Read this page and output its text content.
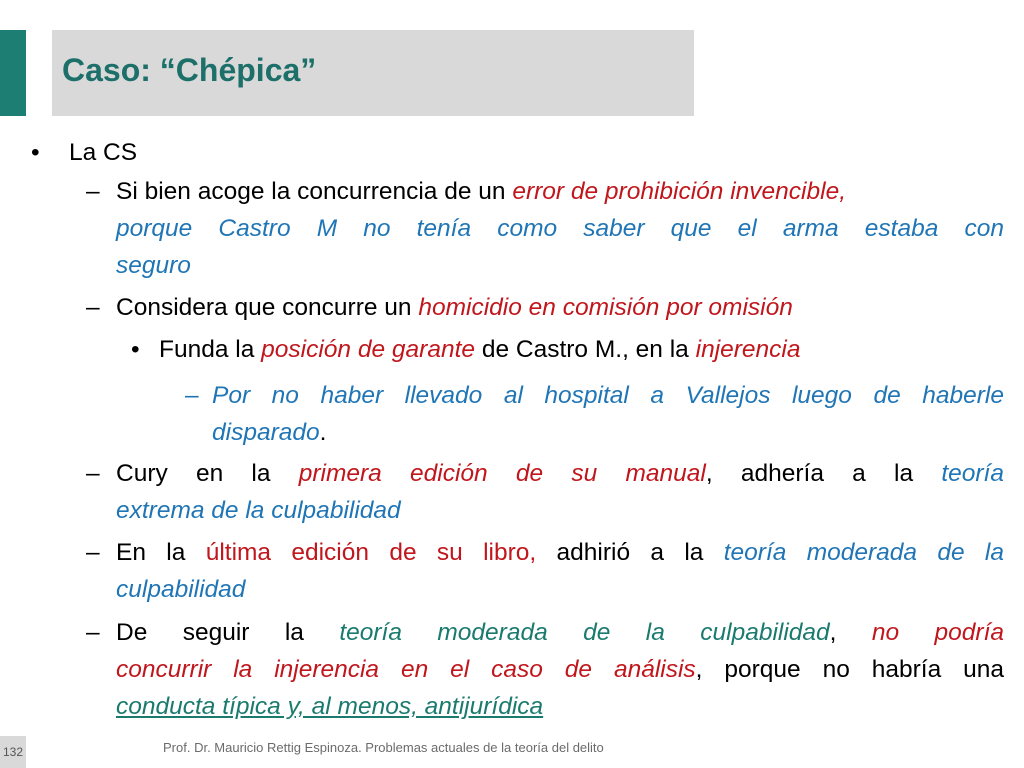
Caso: “Chépica”
• La CS
– Si bien acoge la concurrencia de un error de prohibición invencible,
porque Castro M no tenía como saber que el arma estaba con
seguro
– Considera que concurre un homicidio en comisión por omisión
• Funda la posición de garante de Castro M., en la injerencia
– Por no haber llevado al hospital a Vallejos luego de haberle
disparado.
– Cury en la primera edición de su manual, adhería a la teoría
extrema de la culpabilidad
– En la última edición de su libro, adhirió a la teoría moderada de la
culpabilidad
– De seguir la teoría moderada de la culpabilidad, no podría
concurrir la injerencia en el caso de análisis, porque no habría una
conducta típica y, al menos, antijurídica
132	Prof. Dr. Mauricio Rettig Espinoza. Problemas actuales de la teoría del delito
